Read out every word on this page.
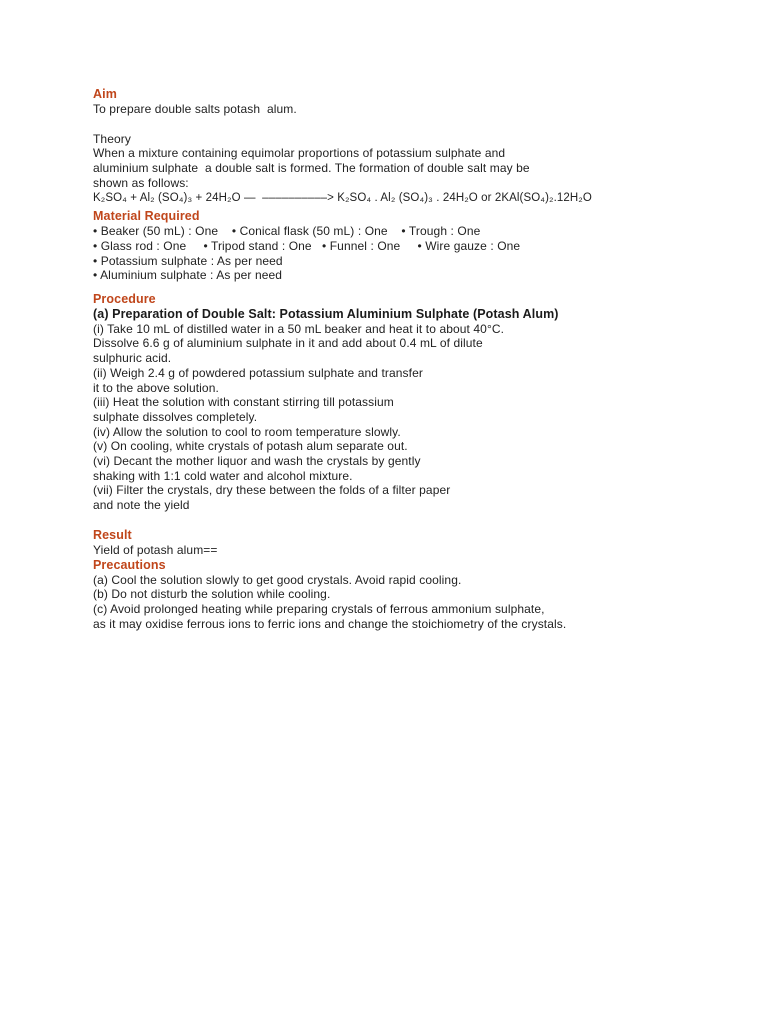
Aim
To prepare double salts potash  alum.
Theory
When a mixture containing equimolar proportions of potassium sulphate and
aluminium sulphate  a double salt is formed. The formation of double salt may be
shown as follows:
K₂SO₄ + Al₂ (SO₄)₃ + 24H₂O —  ––––––––––> K₂SO₄ . Al₂ (SO₄)₃ . 24H₂O or 2KAl(SO₄)₂.12H₂O
Material Required
• Beaker (50 mL) : One    • Conical flask (50 mL) : One    • Trough : One
• Glass rod : One     • Tripod stand : One   • Funnel : One     • Wire gauze : One
• Potassium sulphate : As per need
• Aluminium sulphate : As per need
Procedure
(a) Preparation of Double Salt: Potassium Aluminium Sulphate (Potash Alum)
(i) Take 10 mL of distilled water in a 50 mL beaker and heat it to about 40°C.
Dissolve 6.6 g of aluminium sulphate in it and add about 0.4 mL of dilute
sulphuric acid.
(ii) Weigh 2.4 g of powdered potassium sulphate and transfer
it to the above solution.
(iii) Heat the solution with constant stirring till potassium
sulphate dissolves completely.
(iv) Allow the solution to cool to room temperature slowly.
(v) On cooling, white crystals of potash alum separate out.
(vi) Decant the mother liquor and wash the crystals by gently
shaking with 1:1 cold water and alcohol mixture.
(vii) Filter the crystals, dry these between the folds of a filter paper
and note the yield
Result
Yield of potash alum==
Precautions
(a) Cool the solution slowly to get good crystals. Avoid rapid cooling.
(b) Do not disturb the solution while cooling.
(c) Avoid prolonged heating while preparing crystals of ferrous ammonium sulphate,
as it may oxidise ferrous ions to ferric ions and change the stoichiometry of the crystals.
